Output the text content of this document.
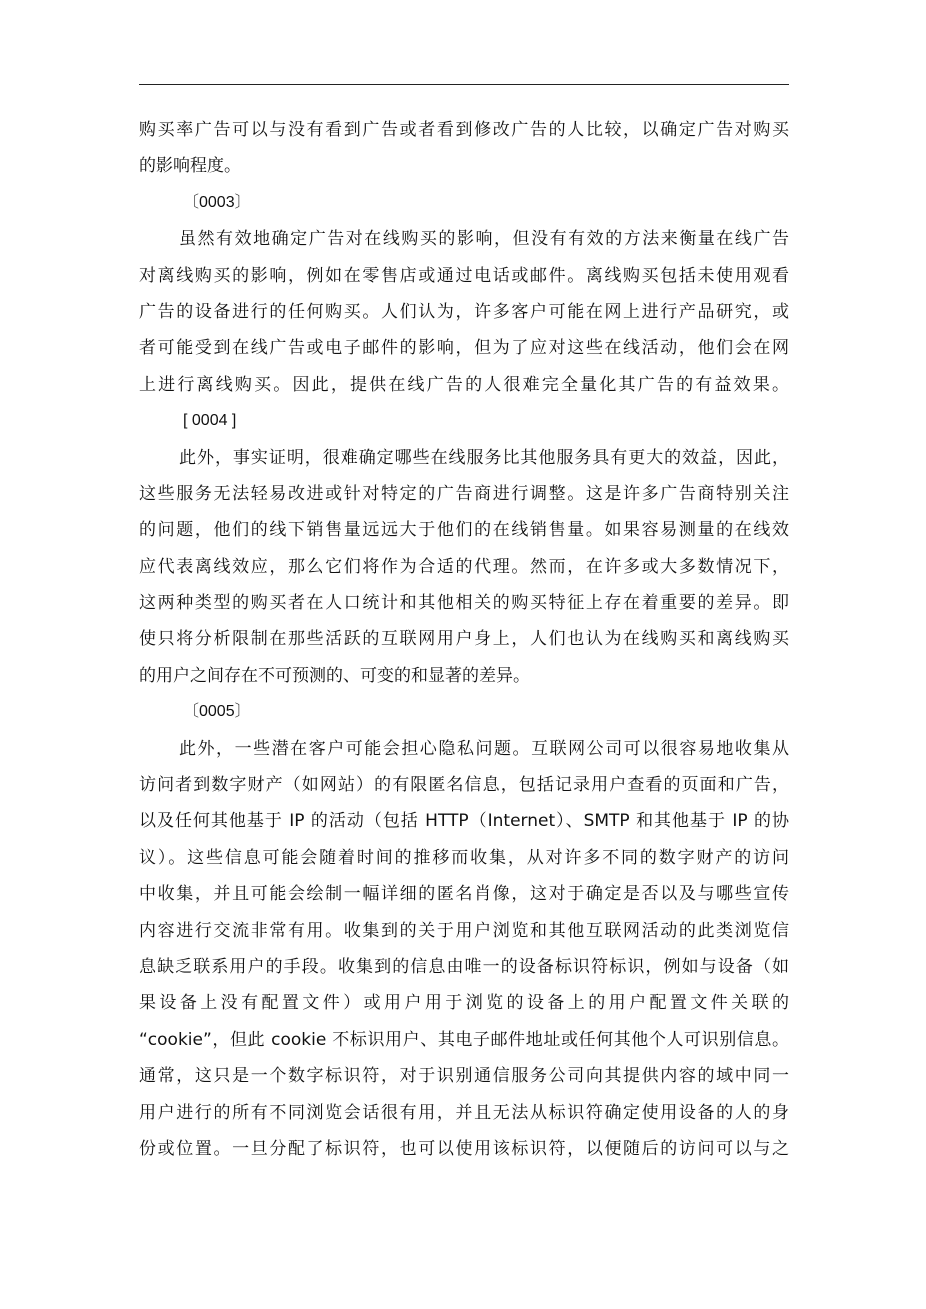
购买率广告可以与没有看到广告或者看到修改广告的人比较，以确定广告对购买
的影响程度。
〔0003〕
虽然有效地确定广告对在线购买的影响，但没有有效的方法来衡量在线广告
对离线购买的影响，例如在零售店或通过电话或邮件。离线购买包括未使用观看
广告的设备进行的任何购买。人们认为，许多客户可能在网上进行产品研究，或
者可能受到在线广告或电子邮件的影响，但为了应对这些在线活动，他们会在网
上进行离线购买。因此，提供在线广告的人很难完全量化其广告的有益效果。
[ 0004 ]
此外，事实证明，很难确定哪些在线服务比其他服务具有更大的效益，因此，
这些服务无法轻易改进或针对特定的广告商进行调整。这是许多广告商特别关注
的问题，他们的线下销售量远远大于他们的在线销售量。如果容易测量的在线效
应代表离线效应，那么它们将作为合适的代理。然而，在许多或大多数情况下，
这两种类型的购买者在人口统计和其他相关的购买特征上存在着重要的差异。即
使只将分析限制在那些活跃的互联网用户身上，人们也认为在线购买和离线购买
的用户之间存在不可预测的、可变的和显著的差异。
〔0005〕
此外，一些潜在客户可能会担心隐私问题。互联网公司可以很容易地收集从
访问者到数字财产（如网站）的有限匿名信息，包括记录用户查看的页面和广告，
以及任何其他基于 IP 的活动（包括 HTTP（Internet）、SMTP 和其他基于 IP 的协
议）。这些信息可能会随着时间的推移而收集，从对许多不同的数字财产的访问
中收集，并且可能会绘制一幅详细的匿名肖像，这对于确定是否以及与哪些宣传
内容进行交流非常有用。收集到的关于用户浏览和其他互联网活动的此类浏览信
息缺乏联系用户的手段。收集到的信息由唯一的设备标识符标识，例如与设备（如
果设备上没有配置文件）或用户用于浏览的设备上的用户配置文件关联的
“cookie”，但此 cookie 不标识用户、其电子邮件地址或任何其他个人可识别信息。
通常，这只是一个数字标识符，对于识别通信服务公司向其提供内容的域中同一
用户进行的所有不同浏览会话很有用，并且无法从标识符确定使用设备的人的身
份或位置。一旦分配了标识符，也可以使用该标识符，以便随后的访问可以与之
